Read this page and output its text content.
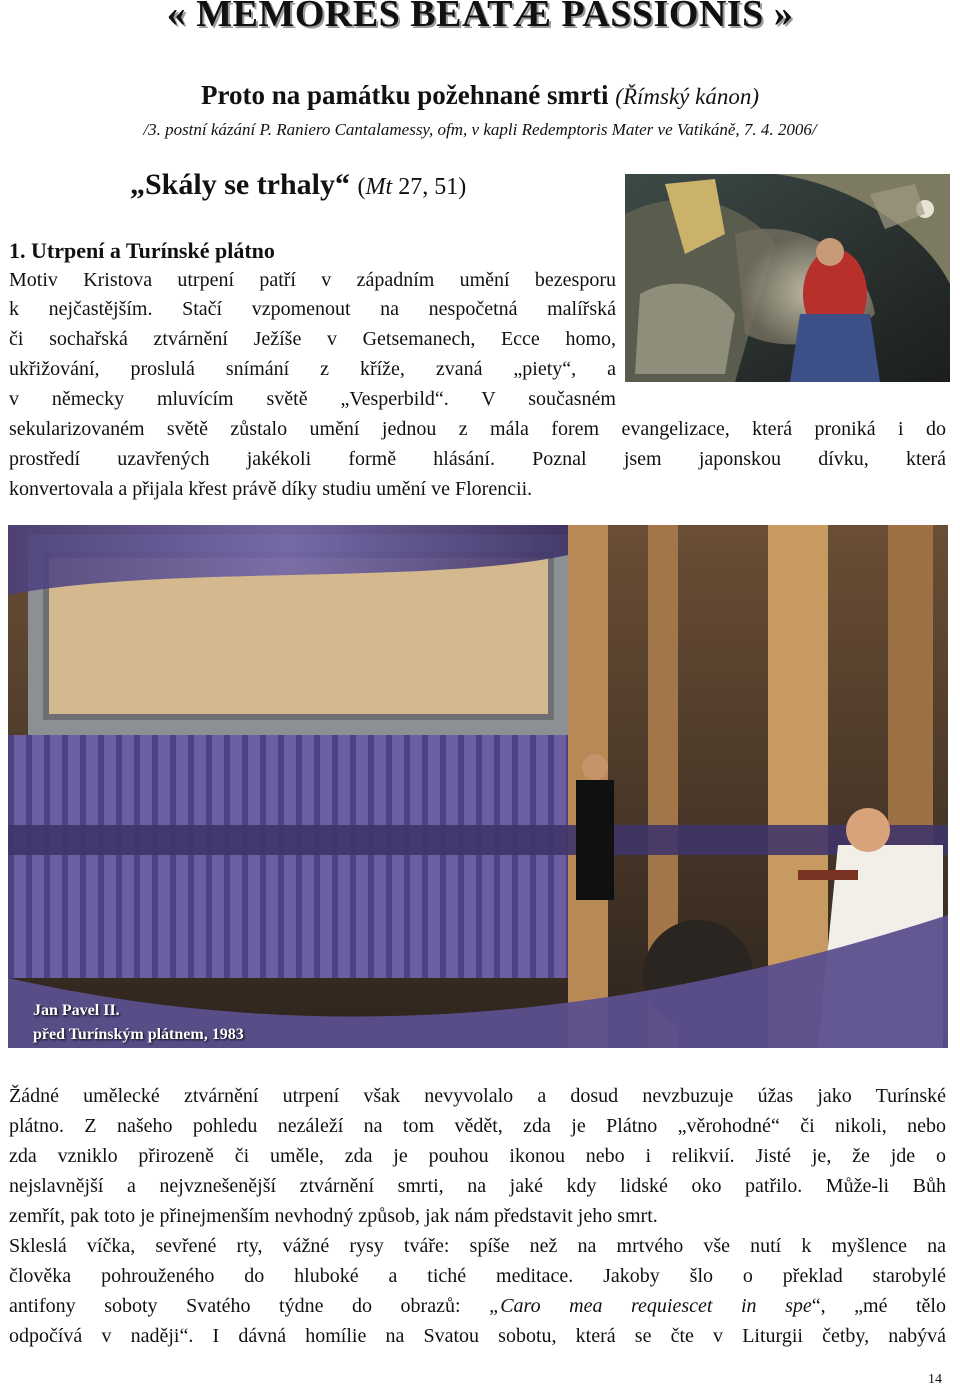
« MEMORES BEATÆ PASSIONIS »
Proto na památku požehnané smrti (Římský kánon)
/3. postní kázání P. Raniero Cantalamessy, ofm, v kapli Redemptoris Mater ve Vatikáně, 7. 4. 2006/
„Skály se trhaly“ (Mt 27, 51)
1. Utrpení a Turínské plátno
Motiv Kristova utrpení patří v západním umění bezesporu
k nejčastějším. Stačí vzpomenout na nespočetná malířská
či sochařská ztvárnění Ježíše v Getsemanech, Ecce homo,
ukřižování, proslulá snímání z kříže, zvaná „piety“, a
v německy mluvícím světě „Vesperbild“. V současném
sekularizovaném světě zůstalo umění jednou z mála forem evangelizace, která proniká i do
prostředí uzavřených jakékoli formě hlásání. Poznal jsem japonskou dívku, která
konvertovala a přijala křest právě díky studiu umění ve Florencii.
Jan Pavel II.
před Turínským plátnem, 1983
Žádné umělecké ztvárnění utrpení však nevyvolalo a dosud nevzbuzuje úžas jako Turínské
plátno. Z našeho pohledu nezáleží na tom vědět, zda je Plátno „věrohodné“ či nikoli, nebo
zda vzniklo přirozeně či uměle, zda je pouhou ikonou nebo i relikvií. Jisté je, že jde o
nejslavnější a nejvznešenější ztvárnění smrti, na jaké kdy lidské oko patřilo. Může-li Bůh
zemřít, pak toto je přinejmenším nevhodný způsob, jak nám představit jeho smrt.
Skleslá víčka, sevřené rty, vážné rysy tváře: spíše než na mrtvého vše nutí k myšlence na
člověka pohrouženého do hluboké a tiché meditace. Jakoby šlo o překlad starobylé
antifony soboty Svatého týdne do obrazů: „Caro mea requiescet in spe“, „mé tělo
odpočívá v naději“. I dávná homílie na Svatou sobotu, která se čte v Liturgii četby, nabývá
14
